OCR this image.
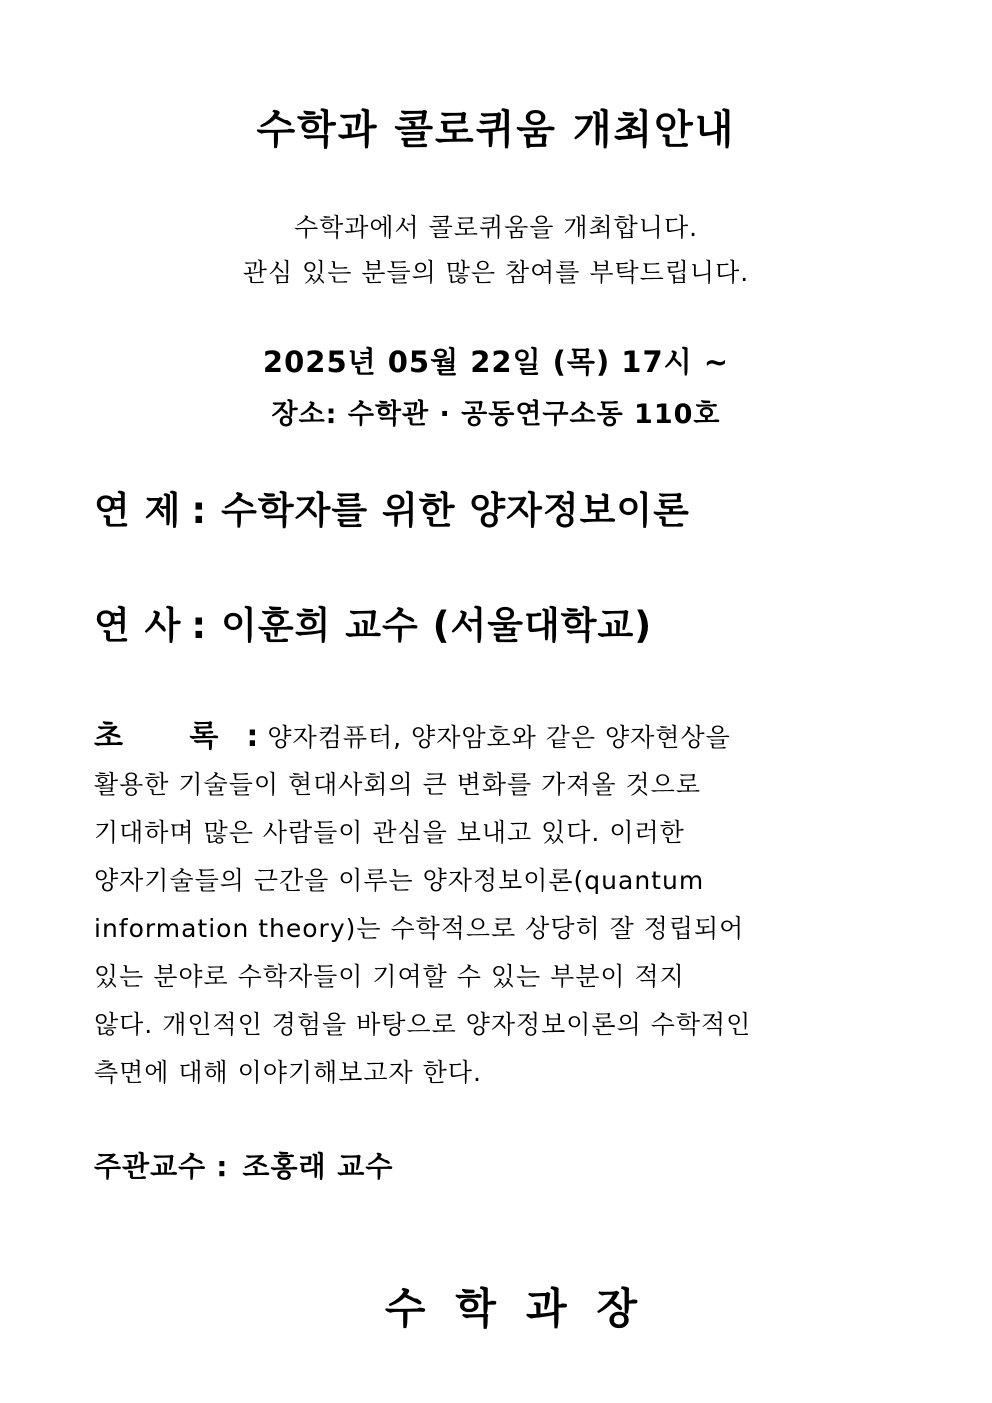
수학과 콜로퀴움 개최안내
수학과에서 콜로퀴움을 개최합니다.
관심 있는 분들의 많은 참여를 부탁드립니다.
2025년 05월 22일 (목) 17시 ~
장소: 수학관 · 공동연구소동 110호
연 제 : 수학자를 위한 양자정보이론
연 사 : 이훈희 교수 (서울대학교)
초 록: 양자컴퓨터, 양자암호와 같은 양자현상을
활용한 기술들이 현대사회의 큰 변화를 가져올 것으로
기대하며 많은 사람들이 관심을 보내고 있다. 이러한
양자기술들의 근간을 이루는 양자정보이론(quantum
information theory)는 수학적으로 상당히 잘 정립되어
있는 분야로 수학자들이 기여할 수 있는 부분이 적지
않다. 개인적인 경험을 바탕으로 양자정보이론의 수학적인
측면에 대해 이야기해보고자 한다.
주관교수 : 조홍래 교수
수학과장
